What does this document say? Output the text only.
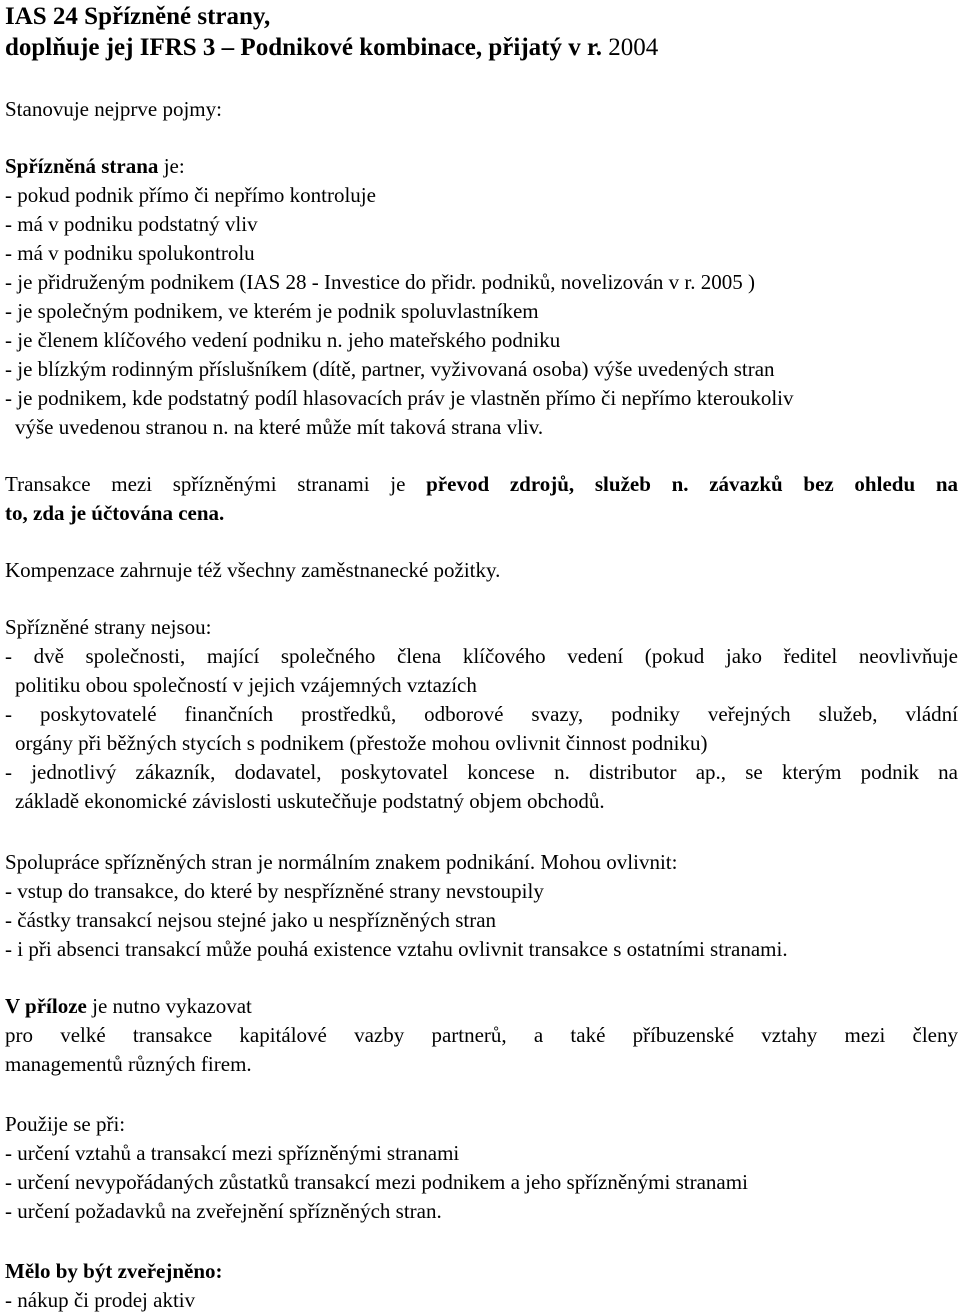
IAS 24 Spřízněné strany,
doplňuje jej IFRS 3 – Podnikové kombinace, přijatý v r. 2004
Stanovuje nejprve pojmy:
Spřízněná strana je:
- pokud podnik přímo či nepřímo kontroluje
- má v podniku podstatný vliv
- má v podniku spolukontrolu
- je přidruženým podnikem (IAS 28 - Investice do přidr. podniků, novelizován v r. 2005 )
- je společným podnikem, ve kterém je podnik spoluvlastníkem
- je členem klíčového vedení podniku n. jeho mateřského podniku
- je blízkým rodinným příslušníkem (dítě, partner, vyživovaná osoba) výše uvedených stran
- je podnikem, kde podstatný podíl hlasovacích práv je vlastněn přímo či nepřímo kteroukoliv
výše uvedenou stranou n. na které může mít taková strana vliv.
Transakce mezi spřízněnými stranami je převod zdrojů, služeb n. závazků bez ohledu na
to, zda je účtována cena.
Kompenzace zahrnuje též všechny zaměstnanecké požitky.
Spřízněné strany nejsou:
- dvě společnosti, mající společného člena klíčového vedení (pokud jako ředitel neovlivňuje
politiku obou společností v jejich vzájemných vztazích
- poskytovatelé finančních prostředků, odborové svazy, podniky veřejných služeb, vládní
orgány při běžných stycích s podnikem (přestože mohou ovlivnit činnost podniku)
- jednotlivý zákazník, dodavatel, poskytovatel koncese n. distributor ap., se kterým podnik na
základě ekonomické závislosti uskutečňuje podstatný objem obchodů.
Spolupráce spřízněných stran je normálním znakem podnikání. Mohou ovlivnit:
- vstup do transakce, do které by nespřízněné strany nevstoupily
- částky transakcí nejsou stejné jako u nespřízněných stran
- i při absenci transakcí může pouhá existence vztahu ovlivnit transakce s ostatními stranami.
V příloze je nutno vykazovat
pro velké transakce kapitálové vazby partnerů, a také příbuzenské vztahy mezi členy
managementů různých firem.
Použije se při:
- určení vztahů a transakcí mezi spřízněnými stranami
- určení nevypořádaných zůstatků transakcí mezi podnikem a jeho spřízněnými stranami
- určení požadavků na zveřejnění spřízněných stran.
Mělo by být zveřejněno:
- nákup či prodej aktiv
